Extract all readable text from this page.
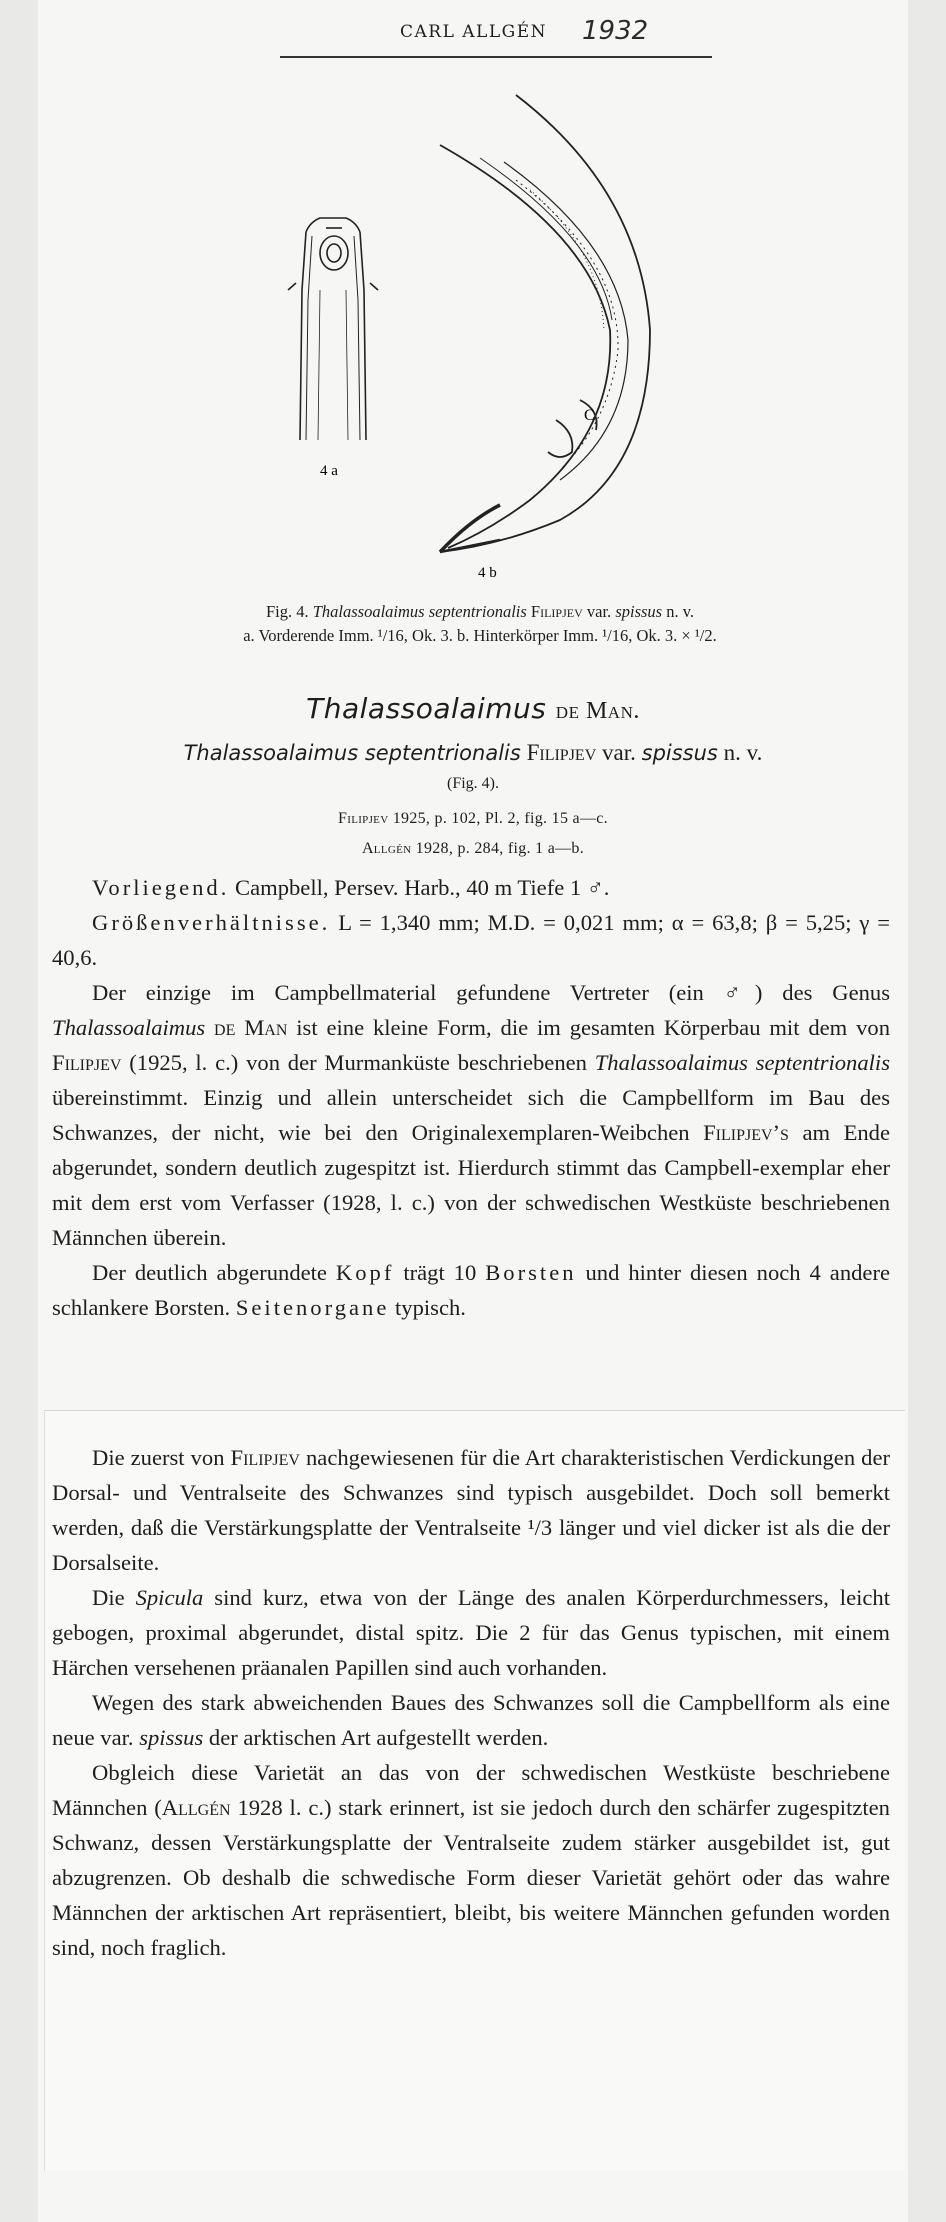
CARL ALLGÉN 1932
4 a
C
4 b
Fig. 4. Thalassoalaimus septentrionalis Filipjev var. spissus n. v.
a. Vorderende Imm. ¹/16, Ok. 3. b. Hinterkörper Imm. ¹/16, Ok. 3. × ¹/2.
Thalassoalaimus de Man.
Thalassoalaimus septentrionalis Filipjev var. spissus n. v.
(Fig. 4).
Filipjev 1925, p. 102, Pl. 2, fig. 15 a—c.
Allgén 1928, p. 284, fig. 1 a—b.

Vorliegend. Campbell, Persev. Harb., 40 m Tiefe 1 ♂.

Größenverhältnisse. L = 1,340 mm; M.D. = 0,021 mm; α = 63,8; β = 5,25; γ = 40,6.

Der einzige im Campbellmaterial gefundene Vertreter (ein ♂) des Genus Thalassoalaimus de Man ist eine kleine Form, die im gesamten Körperbau mit dem von Filipjev (1925, l. c.) von der Murmanküste beschriebenen Thalassoalaimus septentrionalis übereinstimmt. Einzig und allein unterscheidet sich die Campbellform im Bau des Schwanzes, der nicht, wie bei den Originalexemplaren-Weibchen Filipjev’s am Ende abgerundet, sondern deutlich zugespitzt ist. Hierdurch stimmt das Campbell-exemplar eher mit dem erst vom Verfasser (1928, l. c.) von der schwedischen Westküste beschriebenen Männchen überein.

Der deutlich abgerundete Kopf trägt 10 Borsten und hinter diesen noch 4 andere schlankere Borsten. Seitenorgane typisch.

Die zuerst von Filipjev nachgewiesenen für die Art charakteristischen Verdickungen der Dorsal- und Ventralseite des Schwanzes sind typisch ausgebildet. Doch soll bemerkt werden, daß die Verstärkungsplatte der Ventralseite ¹/3 länger und viel dicker ist als die der Dorsalseite.

Die Spicula sind kurz, etwa von der Länge des analen Körperdurchmessers, leicht gebogen, proximal abgerundet, distal spitz. Die 2 für das Genus typischen, mit einem Härchen versehenen präanalen Papillen sind auch vorhanden.

Wegen des stark abweichenden Baues des Schwanzes soll die Campbellform als eine neue var. spissus der arktischen Art aufgestellt werden.

Obgleich diese Varietät an das von der schwedischen Westküste beschriebene Männchen (Allgén 1928 l. c.) stark erinnert, ist sie jedoch durch den schärfer zugespitzten Schwanz, dessen Verstärkungsplatte der Ventralseite zudem stärker ausgebildet ist, gut abzugrenzen. Ob deshalb die schwedische Form dieser Varietät gehört oder das wahre Männchen der arktischen Art repräsentiert, bleibt, bis weitere Männchen gefunden worden sind, noch fraglich.
